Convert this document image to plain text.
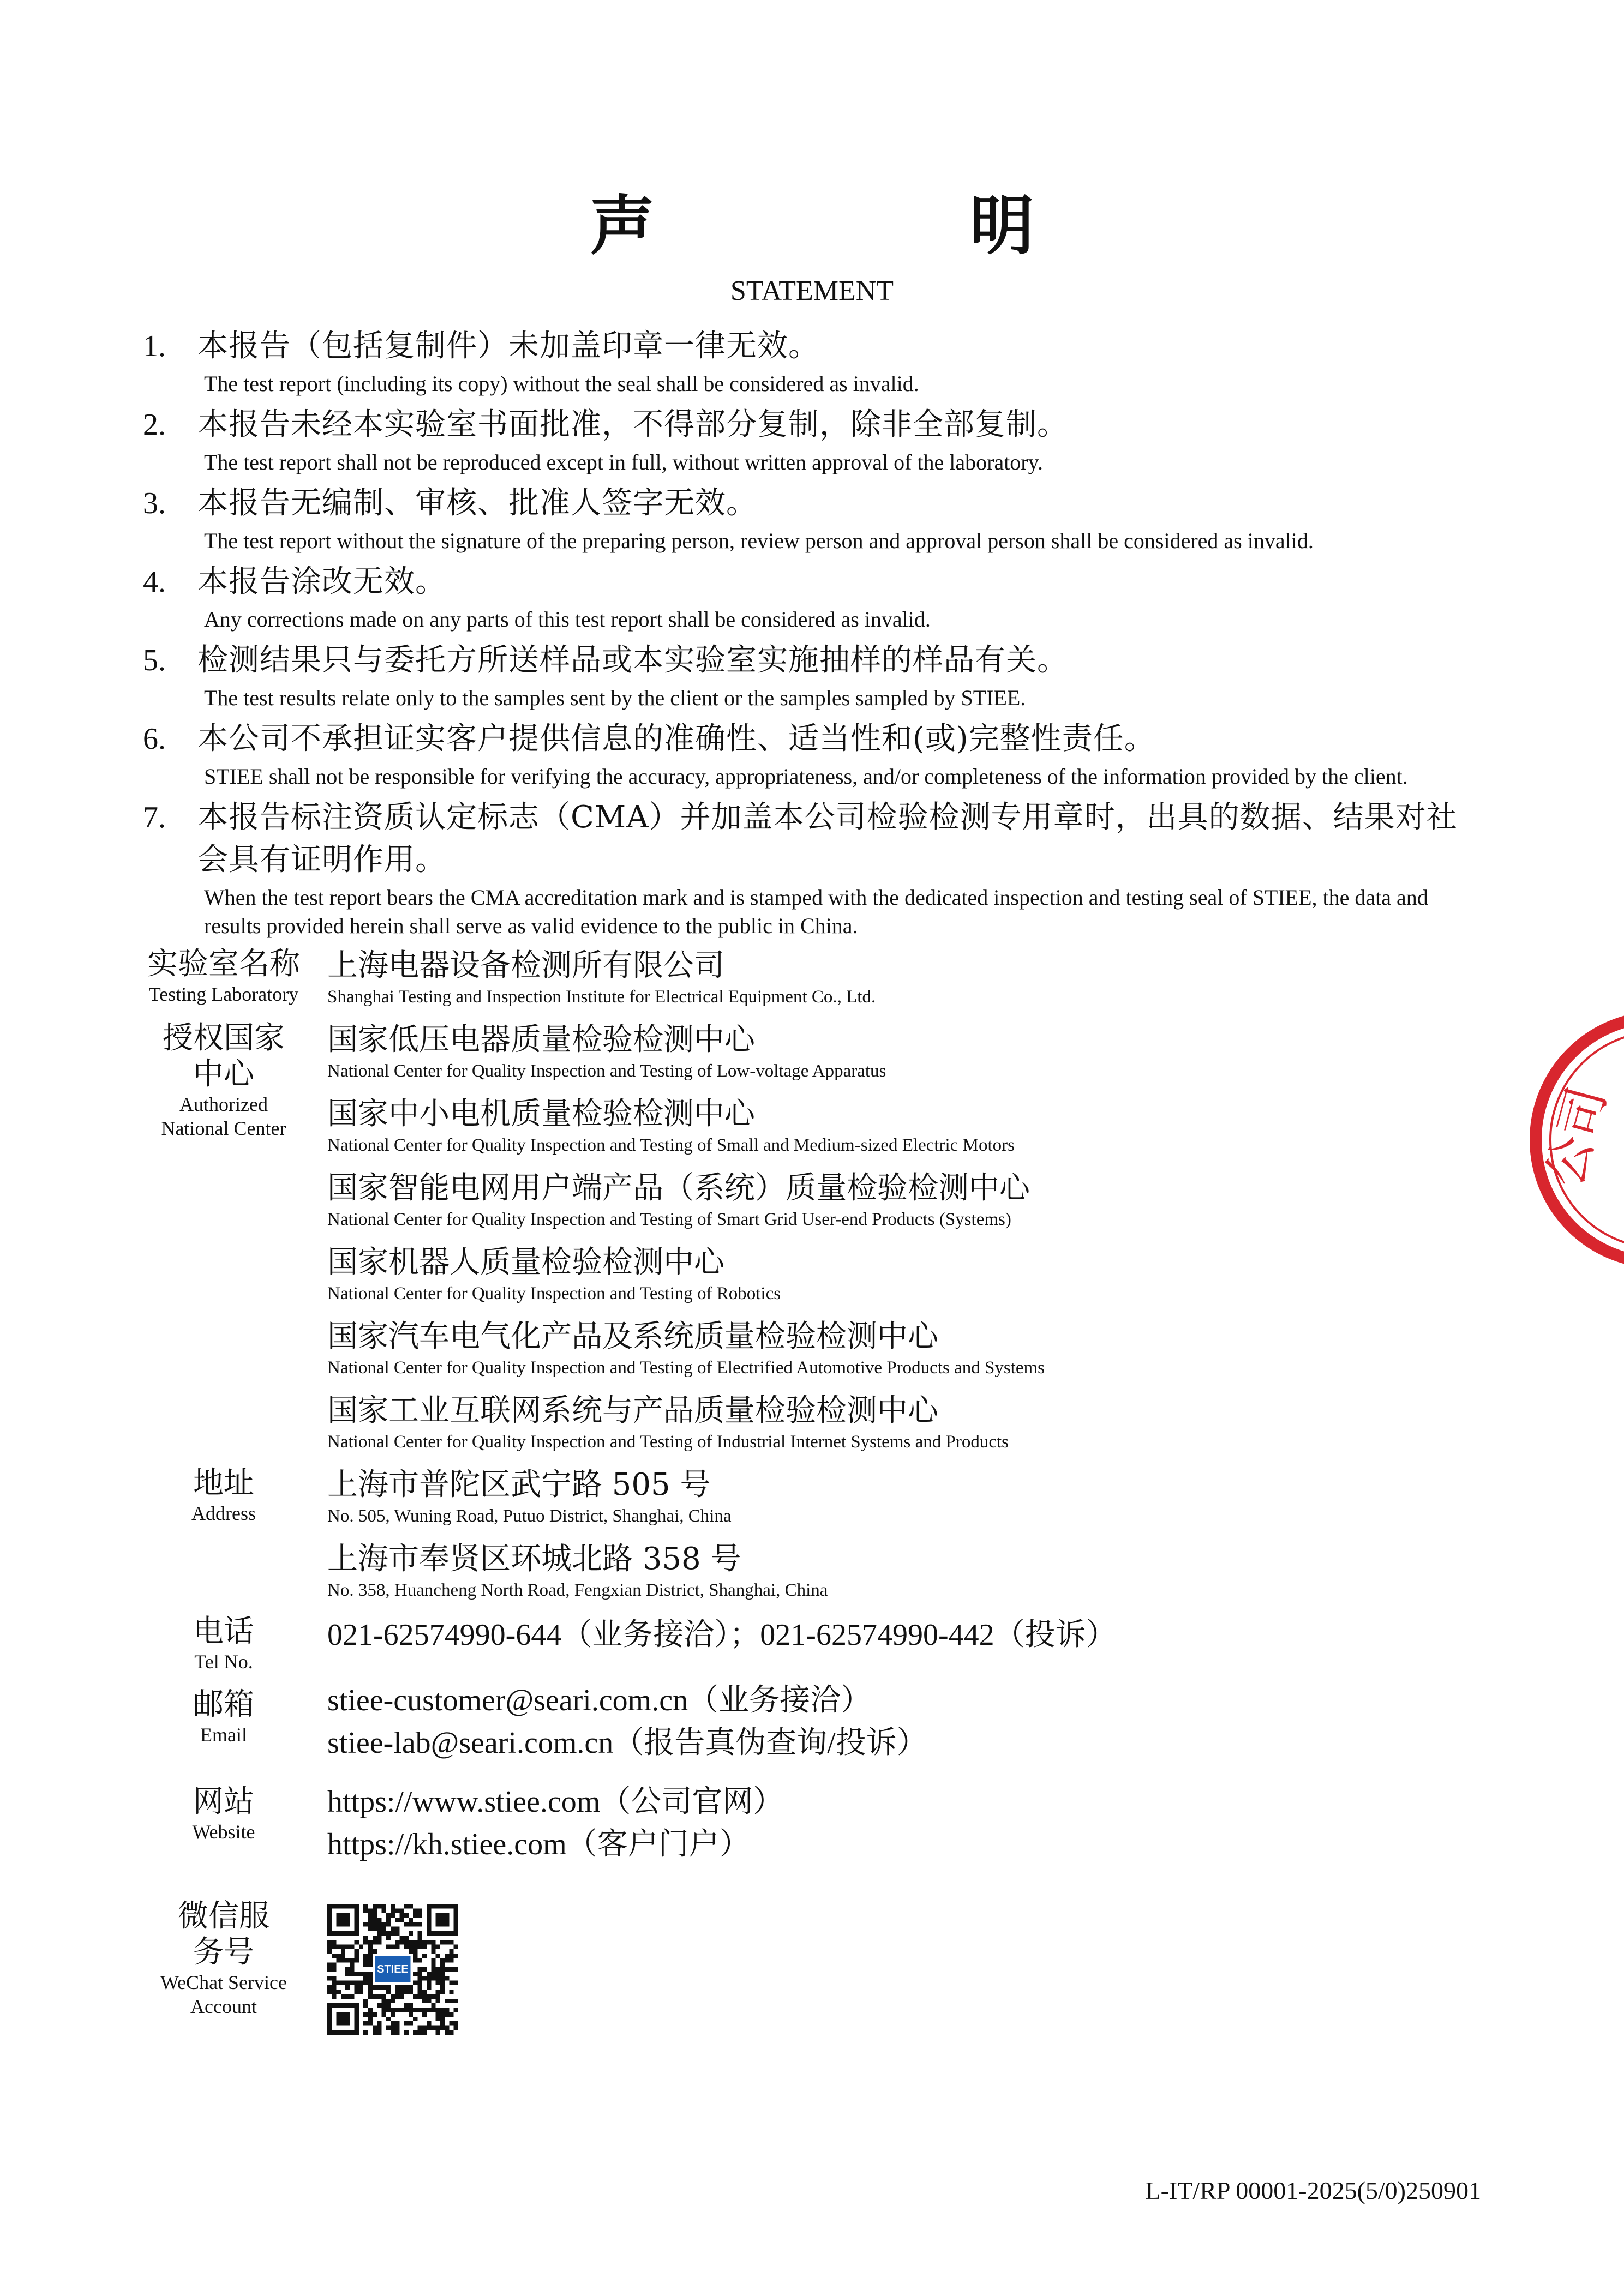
声　明
STATEMENT
1. 本报告（包括复制件）未加盖印章一律无效。
The test report (including its copy) without the seal shall be considered as invalid.
2. 本报告未经本实验室书面批准，不得部分复制，除非全部复制。
The test report shall not be reproduced except in full, without written approval of the laboratory.
3. 本报告无编制、审核、批准人签字无效。
The test report without the signature of the preparing person, review person and approval person shall be considered as invalid.
4. 本报告涂改无效。
Any corrections made on any parts of this test report shall be considered as invalid.
5. 检测结果只与委托方所送样品或本实验室实施抽样的样品有关。
The test results relate only to the samples sent by the client or the samples sampled by STIEE.
6. 本公司不承担证实客户提供信息的准确性、适当性和(或)完整性责任。
STIEE shall not be responsible for verifying the accuracy, appropriateness, and/or completeness of the information provided by the client.
7. 本报告标注资质认定标志（CMA）并加盖本公司检验检测专用章时，出具的数据、结果对社会具有证明作用。
When the test report bears the CMA accreditation mark and is stamped with the dedicated inspection and testing seal of STIEE, the data and results provided herein shall serve as valid evidence to the public in China.
实验室名称
Testing Laboratory
上海电器设备检测所有限公司
Shanghai Testing and Inspection Institute for Electrical Equipment Co., Ltd.
授权国家中心
Authorized National Center
国家低压电器质量检验检测中心
National Center for Quality Inspection and Testing of Low-voltage Apparatus
国家中小电机质量检验检测中心
National Center for Quality Inspection and Testing of Small and Medium-sized Electric Motors
国家智能电网用户端产品（系统）质量检验检测中心
National Center for Quality Inspection and Testing of Smart Grid User-end Products (Systems)
国家机器人质量检验检测中心
National Center for Quality Inspection and Testing of Robotics
国家汽车电气化产品及系统质量检验检测中心
National Center for Quality Inspection and Testing of Electrified Automotive Products and Systems
国家工业互联网系统与产品质量检验检测中心
National Center for Quality Inspection and Testing of Industrial Internet Systems and Products
地址
Address
上海市普陀区武宁路 505 号
No. 505, Wuning Road, Putuo District, Shanghai, China
上海市奉贤区环城北路 358 号
No. 358, Huancheng North Road, Fengxian District, Shanghai, China
电话
Tel No.
021-62574990-644（业务接洽）；021-62574990-442（投诉）
邮箱
Email
stiee-customer@seari.com.cn（业务接洽）
stiee-lab@seari.com.cn（报告真伪查询/投诉）
网站
Website
https://www.stiee.com（公司官网）
https://kh.stiee.com（客户门户）
微信服务号
WeChat Service Account
STIEE
L-IT/RP 00001-2025(5/0)250901
公司
